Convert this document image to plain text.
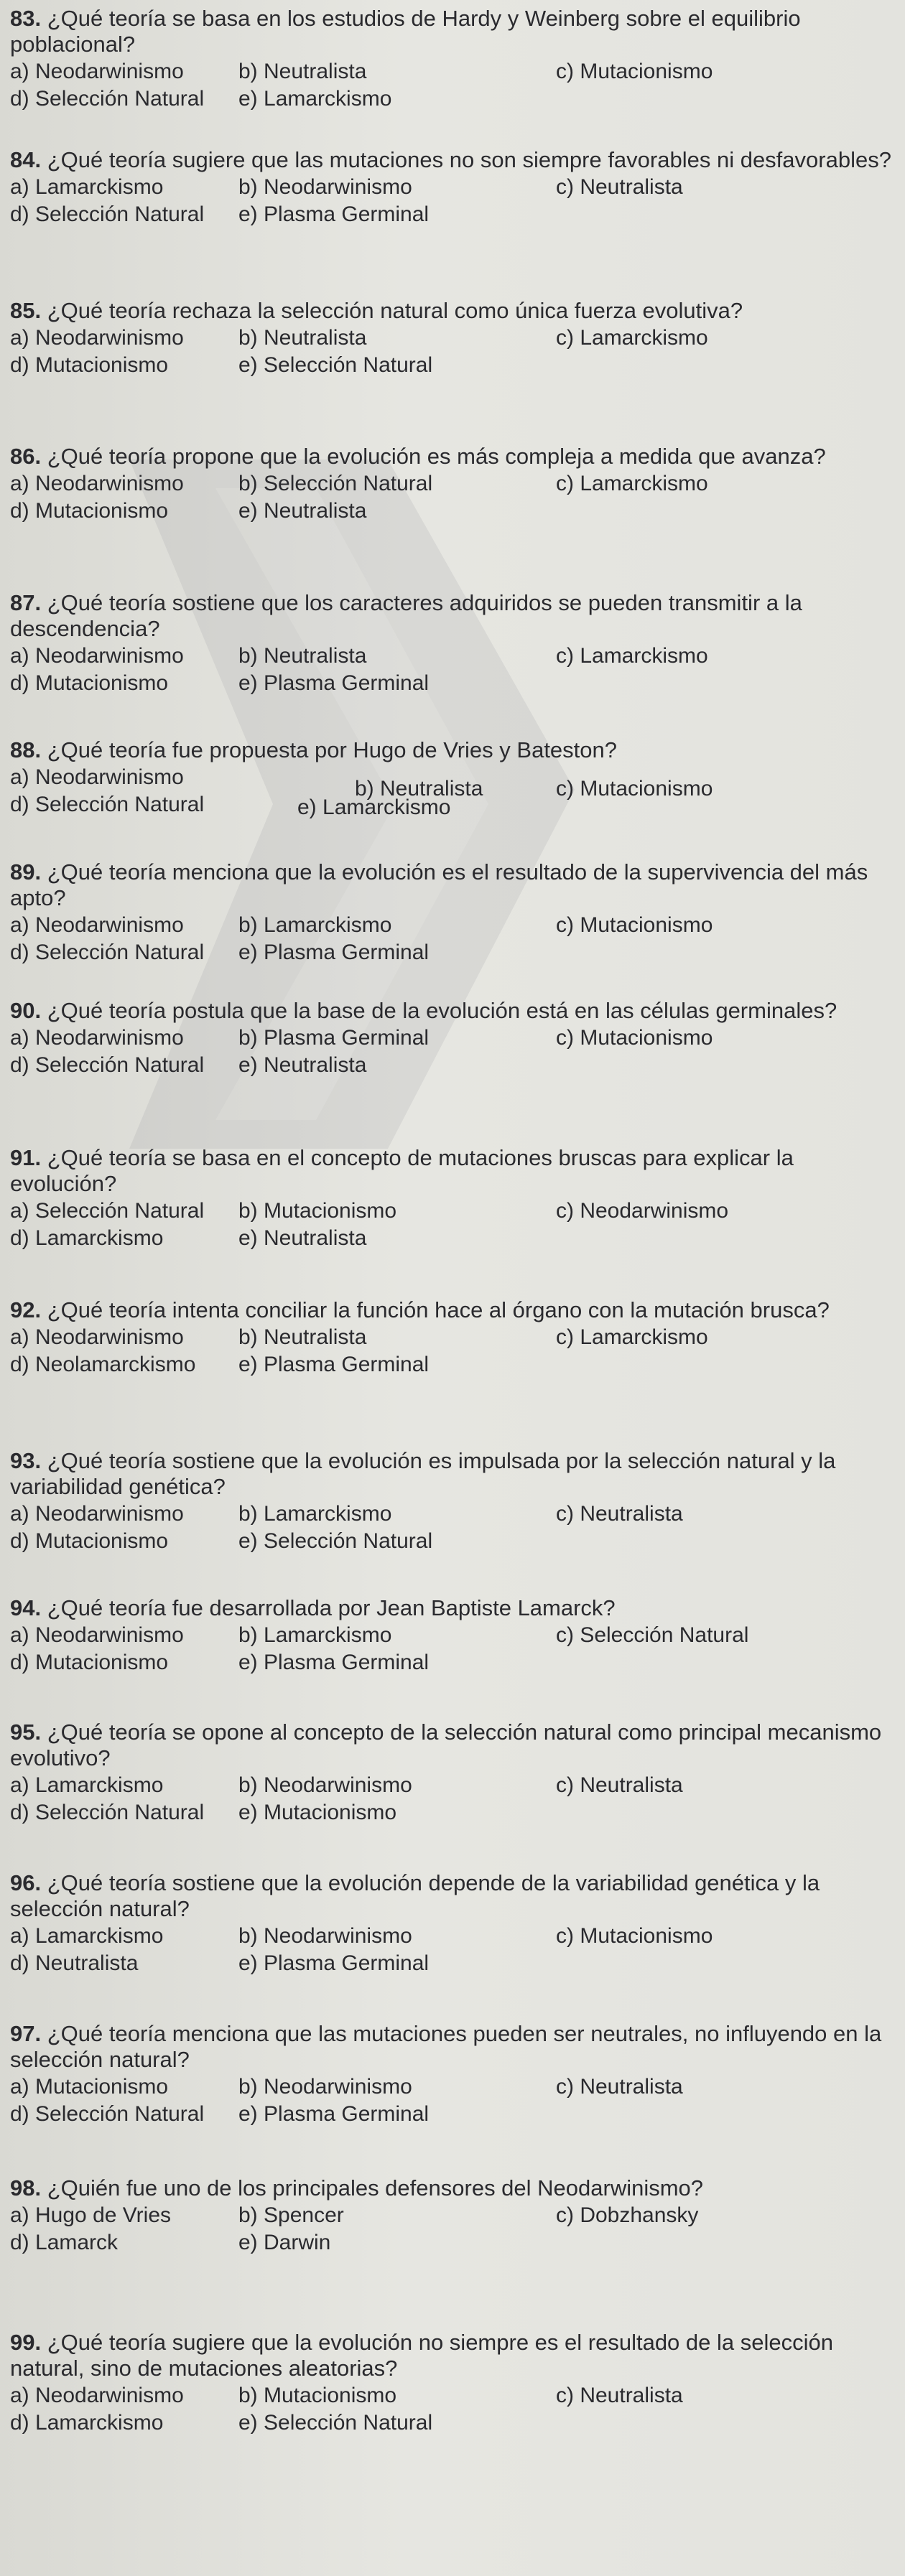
83. ¿Qué teoría se basa en los estudios de Hardy y Weinberg sobre el equilibrio poblacional?

a) Neodarwinismo	b) Neutralista	c) Mutacionismo
d) Selección Natural e) Lamarckismo

84. ¿Qué teoría sugiere que las mutaciones no son siempre favorables ni desfavorables?

a) Lamarckismo	b) Neodarwinismo	c) Neutralista
d) Selección Natural e) Plasma Germinal

85. ¿Qué teoría rechaza la selección natural como única fuerza evolutiva?

a) Neodarwinismo	b) Neutralista	c) Lamarckismo
d) Mutacionismo	e) Selección Natural

86. ¿Qué teoría propone que la evolución es más compleja a medida que avanza?

a) Neodarwinismo	b) Selección Natural	c) Lamarckismo
d) Mutacionismo	e) Neutralista

87. ¿Qué teoría sostiene que los caracteres adquiridos se pueden transmitir a la descendencia?

a) Neodarwinismo	b) Neutralista	c) Lamarckismo
d) Mutacionismo	e) Plasma Germinal

88. ¿Qué teoría fue propuesta por Hugo de Vries y Bateston?

a) Neodarwinismo	b) Neutralista	c) Mutacionismo
d) Selección Natural	e) Lamarckismo

89. ¿Qué teoría menciona que la evolución es el resultado de la supervivencia del más apto?

a) Neodarwinismo	b) Lamarckismo	c) Mutacionismo
d) Selección Natural e) Plasma Germinal

90. ¿Qué teoría postula que la base de la evolución está en las células germinales?

a) Neodarwinismo	b) Plasma Germinal	c) Mutacionismo
d) Selección Natural e) Neutralista

91. ¿Qué teoría se basa en el concepto de mutaciones bruscas para explicar la evolución?

a) Selección Natural b) Mutacionismo	c) Neodarwinismo
d) Lamarckismo	e) Neutralista

92. ¿Qué teoría intenta conciliar la función hace al órgano con la mutación brusca?

a) Neodarwinismo	b) Neutralista	c) Lamarckismo
d) Neolamarckismo e) Plasma Germinal

93. ¿Qué teoría sostiene que la evolución es impulsada por la selección natural y la variabilidad genética?

a) Neodarwinismo	b) Lamarckismo	c) Neutralista
d) Mutacionismo	e) Selección Natural

94. ¿Qué teoría fue desarrollada por Jean Baptiste Lamarck?

a) Neodarwinismo	b) Lamarckismo	c) Selección Natural
d) Mutacionismo	e) Plasma Germinal

95. ¿Qué teoría se opone al concepto de la selección natural como principal mecanismo evolutivo?

a) Lamarckismo	b) Neodarwinismo	c) Neutralista
d) Selección Natural e) Mutacionismo

96. ¿Qué teoría sostiene que la evolución depende de la variabilidad genética y la selección natural?

a) Lamarckismo	b) Neodarwinismo	c) Mutacionismo
d) Neutralista	e) Plasma Germinal

97. ¿Qué teoría menciona que las mutaciones pueden ser neutrales, no influyendo en la selección natural?

a) Mutacionismo	b) Neodarwinismo	c) Neutralista
d) Selección Natural e) Plasma Germinal

98. ¿Quién fue uno de los principales defensores del Neodarwinismo?

a) Hugo de Vries	b) Spencer	c) Dobzhansky
d) Lamarck	e) Darwin

99. ¿Qué teoría sugiere que la evolución no siempre es el resultado de la selección natural, sino de mutaciones aleatorias?

a) Neodarwinismo	b) Mutacionismo	c) Neutralista
d) Lamarckismo	e) Selección Natural
